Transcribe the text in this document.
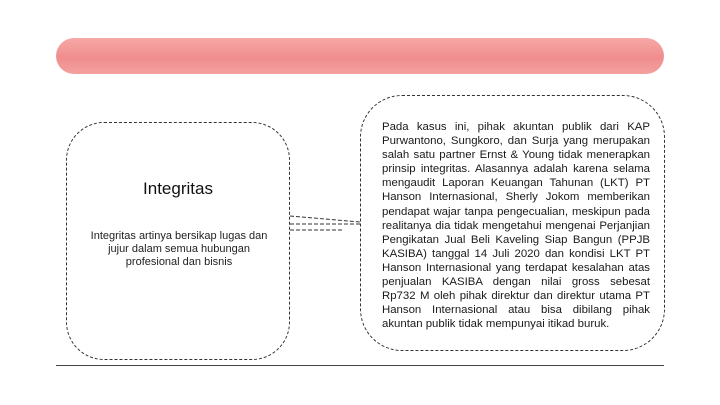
Integritas
Integritas artinya bersikap lugas dan jujur dalam semua hubungan profesional dan bisnis
Pada kasus ini, pihak akuntan publik dari KAP Purwantono, Sungkoro, dan Surja yang merupakan salah satu partner Ernst & Young tidak menerapkan prinsip integritas. Alasannya adalah karena selama mengaudit Laporan Keuangan Tahunan (LKT) PT Hanson Internasional, Sherly Jokom memberikan pendapat wajar tanpa pengecualian, meskipun pada realitanya dia tidak mengetahui mengenai Perjanjian Pengikatan Jual Beli Kaveling Siap Bangun (PPJB KASIBA) tanggal 14 Juli 2020 dan kondisi LKT PT Hanson Internasional yang terdapat kesalahan atas penjualan KASIBA dengan nilai gross sebesat Rp732 M oleh pihak direktur dan direktur utama PT Hanson Internasional atau bisa dibilang pihak akuntan publik tidak mempunyai itikad buruk.
